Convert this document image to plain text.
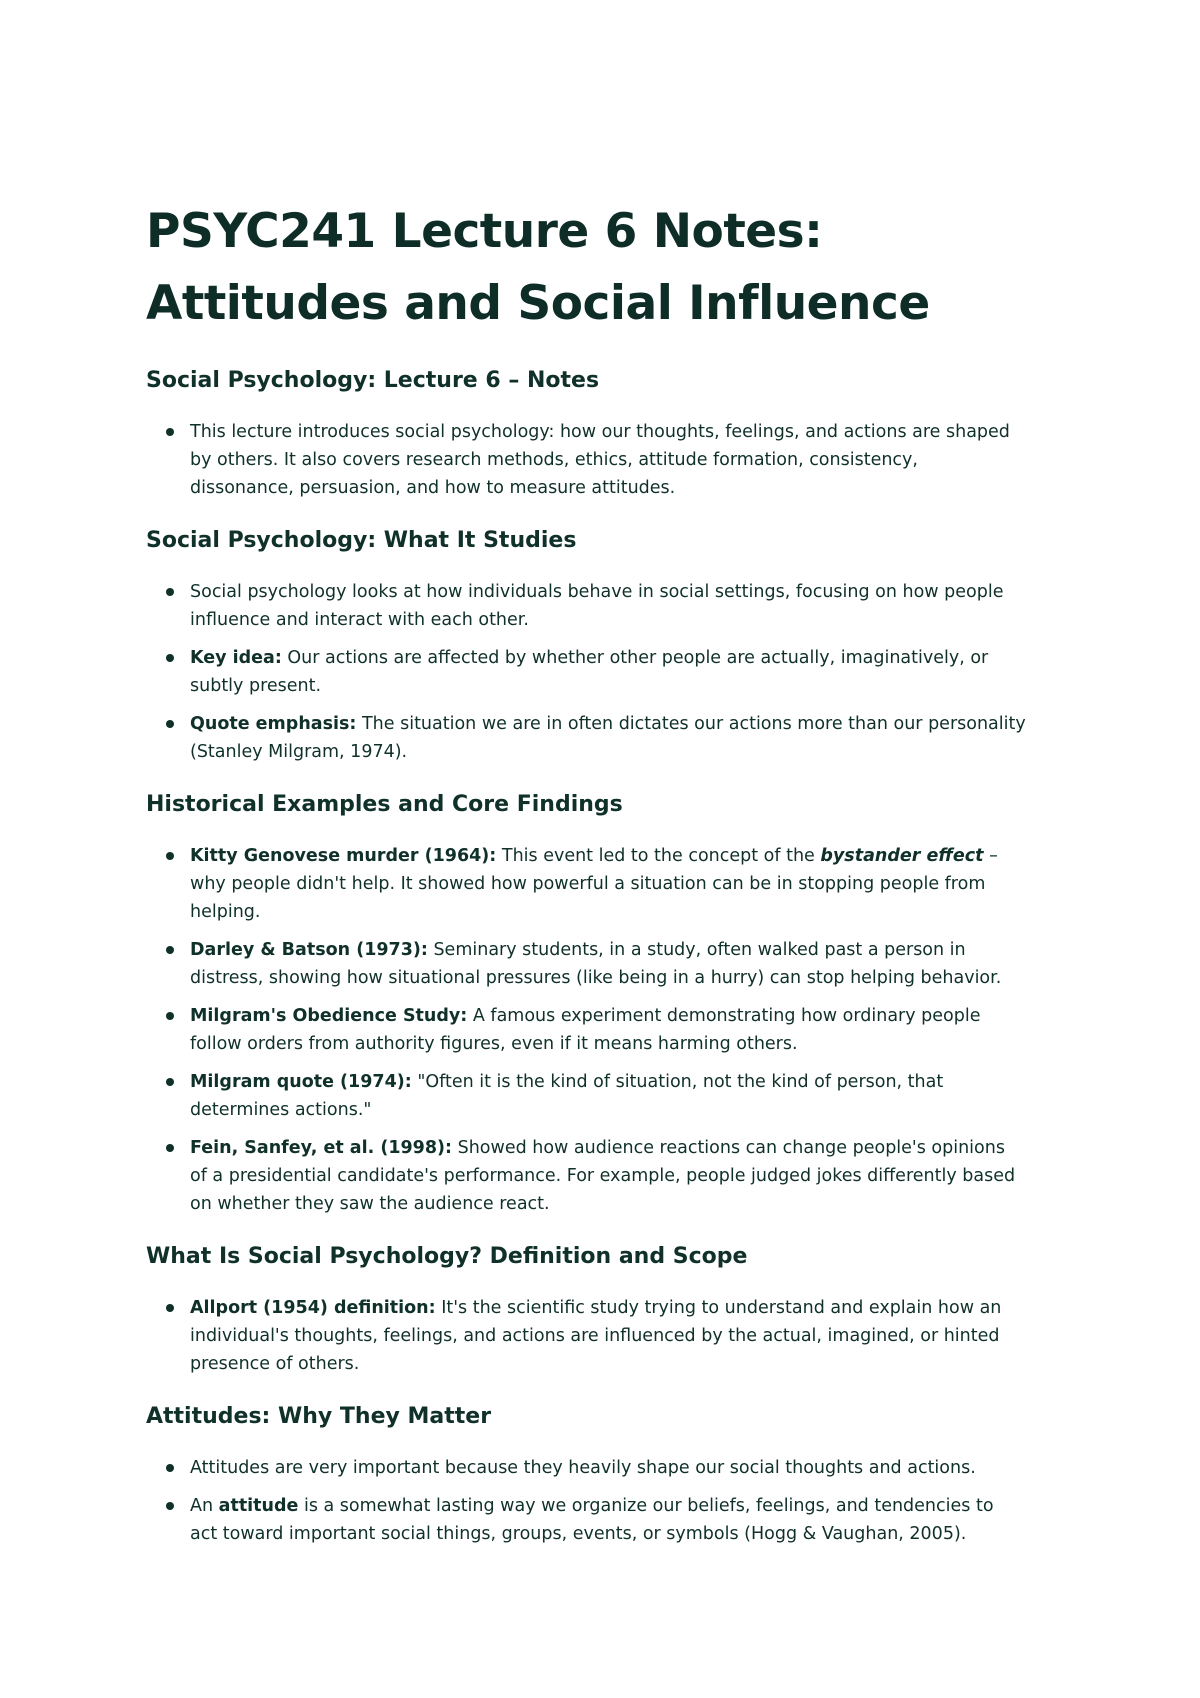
PSYC241 Lecture 6 Notes:
Attitudes and Social Influence
Social Psychology: Lecture 6 – Notes
This lecture introduces social psychology: how our thoughts, feelings, and actions are shaped by others. It also covers research methods, ethics, attitude formation, consistency, dissonance, persuasion, and how to measure attitudes.
Social Psychology: What It Studies
Social psychology looks at how individuals behave in social settings, focusing on how people influence and interact with each other.
Key idea: Our actions are affected by whether other people are actually, imaginatively, or subtly present.
Quote emphasis: The situation we are in often dictates our actions more than our personality (Stanley Milgram, 1974).
Historical Examples and Core Findings
Kitty Genovese murder (1964): This event led to the concept of the bystander effect – why people didn't help. It showed how powerful a situation can be in stopping people from helping.
Darley & Batson (1973): Seminary students, in a study, often walked past a person in distress, showing how situational pressures (like being in a hurry) can stop helping behavior.
Milgram's Obedience Study: A famous experiment demonstrating how ordinary people follow orders from authority figures, even if it means harming others.
Milgram quote (1974): "Often it is the kind of situation, not the kind of person, that determines actions."
Fein, Sanfey, et al. (1998): Showed how audience reactions can change people's opinions of a presidential candidate's performance. For example, people judged jokes differently based on whether they saw the audience react.
What Is Social Psychology? Definition and Scope
Allport (1954) definition: It's the scientific study trying to understand and explain how an individual's thoughts, feelings, and actions are influenced by the actual, imagined, or hinted presence of others.
Attitudes: Why They Matter
Attitudes are very important because they heavily shape our social thoughts and actions.
An attitude is a somewhat lasting way we organize our beliefs, feelings, and tendencies to act toward important social things, groups, events, or symbols (Hogg & Vaughan, 2005).
